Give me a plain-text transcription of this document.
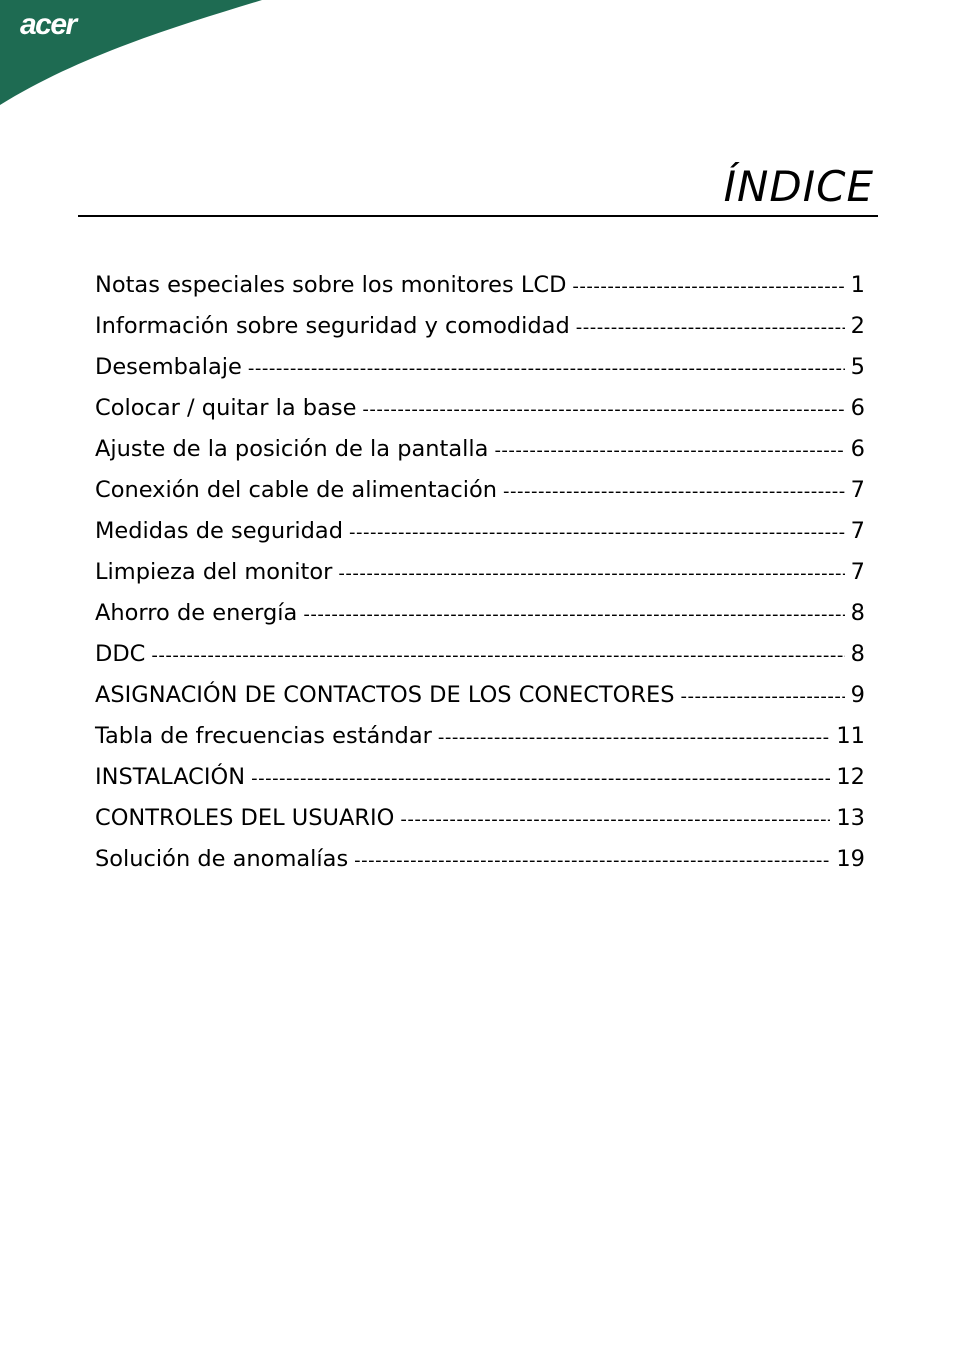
acer
ÍNDICE
Notas especiales sobre los monitores LCD -----	1
Información sobre seguridad y comodidad -----	2
Desembalaje -----	5
Colocar / quitar la base -----	6
Ajuste de la posición de la pantalla -----	6
Conexión del cable de alimentación -----	7
Medidas de seguridad -----	7
Limpieza del monitor -----	7
Ahorro de energía -----	8
DDC -----	8
ASIGNACIÓN DE CONTACTOS DE LOS CONECTORES -----	9
Tabla de frecuencias estándar -----	11
INSTALACIÓN -----	12
CONTROLES DEL USUARIO -----	13
Solución de anomalías -----	19
